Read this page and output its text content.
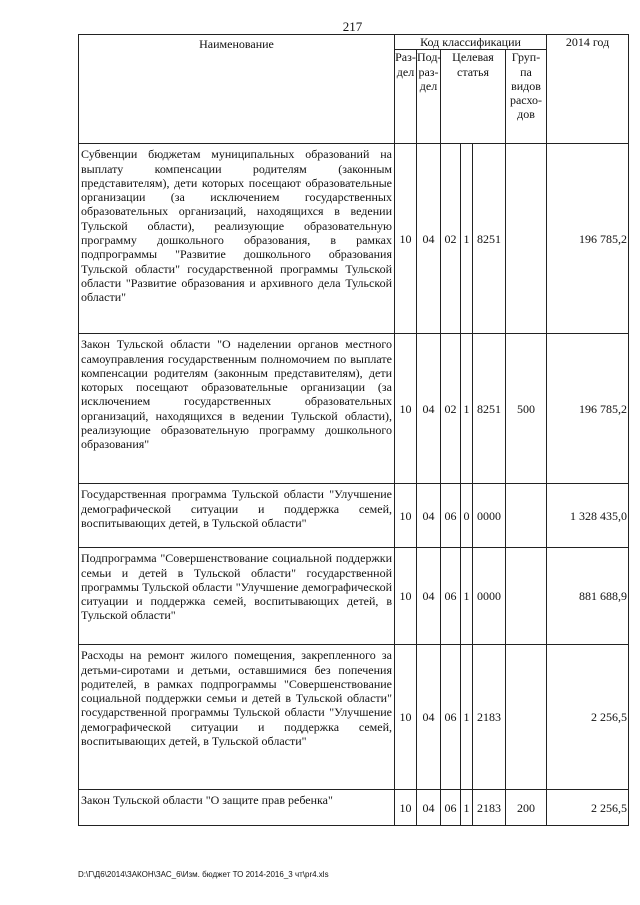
217
Наименование	Код классификации						2014 год
	Раз- дел	Под- раз- дел	Целевая статья			Груп- па видов расхо- дов	
Субвенции бюджетам муниципальных образований на выплату компенсации родителям (законным представителям), дети которых посещают образовательные организации (за исключением государственных образовательных организаций, находящихся в ведении Тульской области), реализующие образовательную программу дошкольного образования, в рамках подпрограммы "Развитие дошкольного образования Тульской области" государственной программы Тульской области "Развитие образования и архивного дела Тульской области"	10	04	02	1	8251		196 785,2
Закон Тульской области "О наделении органов местного самоуправления государственным полномочием по выплате компенсации родителям (законным представителям), дети которых посещают образовательные организации (за исключением государственных образовательных организаций, находящихся в ведении Тульской области), реализующие образовательную программу дошкольного образования"	10	04	02	1	8251	500	196 785,2
Государственная программа Тульской области "Улучшение демографической ситуации и поддержка семей, воспитывающих детей, в Тульской области"	10	04	06	0	0000		1 328 435,0
Подпрограмма "Совершенствование социальной поддержки семьи и детей в Тульской области" государственной программы Тульской области "Улучшение демографической ситуации и поддержка семей, воспитывающих детей, в Тульской области"	10	04	06	1	0000		881 688,9
Расходы на ремонт жилого помещения, закрепленного за детьми-сиротами и детьми, оставшимися без попечения родителей, в рамках подпрограммы "Совершенствование социальной поддержки семьи и детей в Тульской области" государственной программы Тульской области "Улучшение демографической ситуации и поддержка семей, воспитывающих детей, в Тульской области"	10	04	06	1	2183		2 256,5
Закон Тульской области "О защите прав ребенка"	10	04	06	1	2183	200	2 256,5
D:\Г\Д6\2014\ЗАКОН\ЗАС_6\Изм. бюджет ТО 2014-2016_3 чт\pr4.xls
